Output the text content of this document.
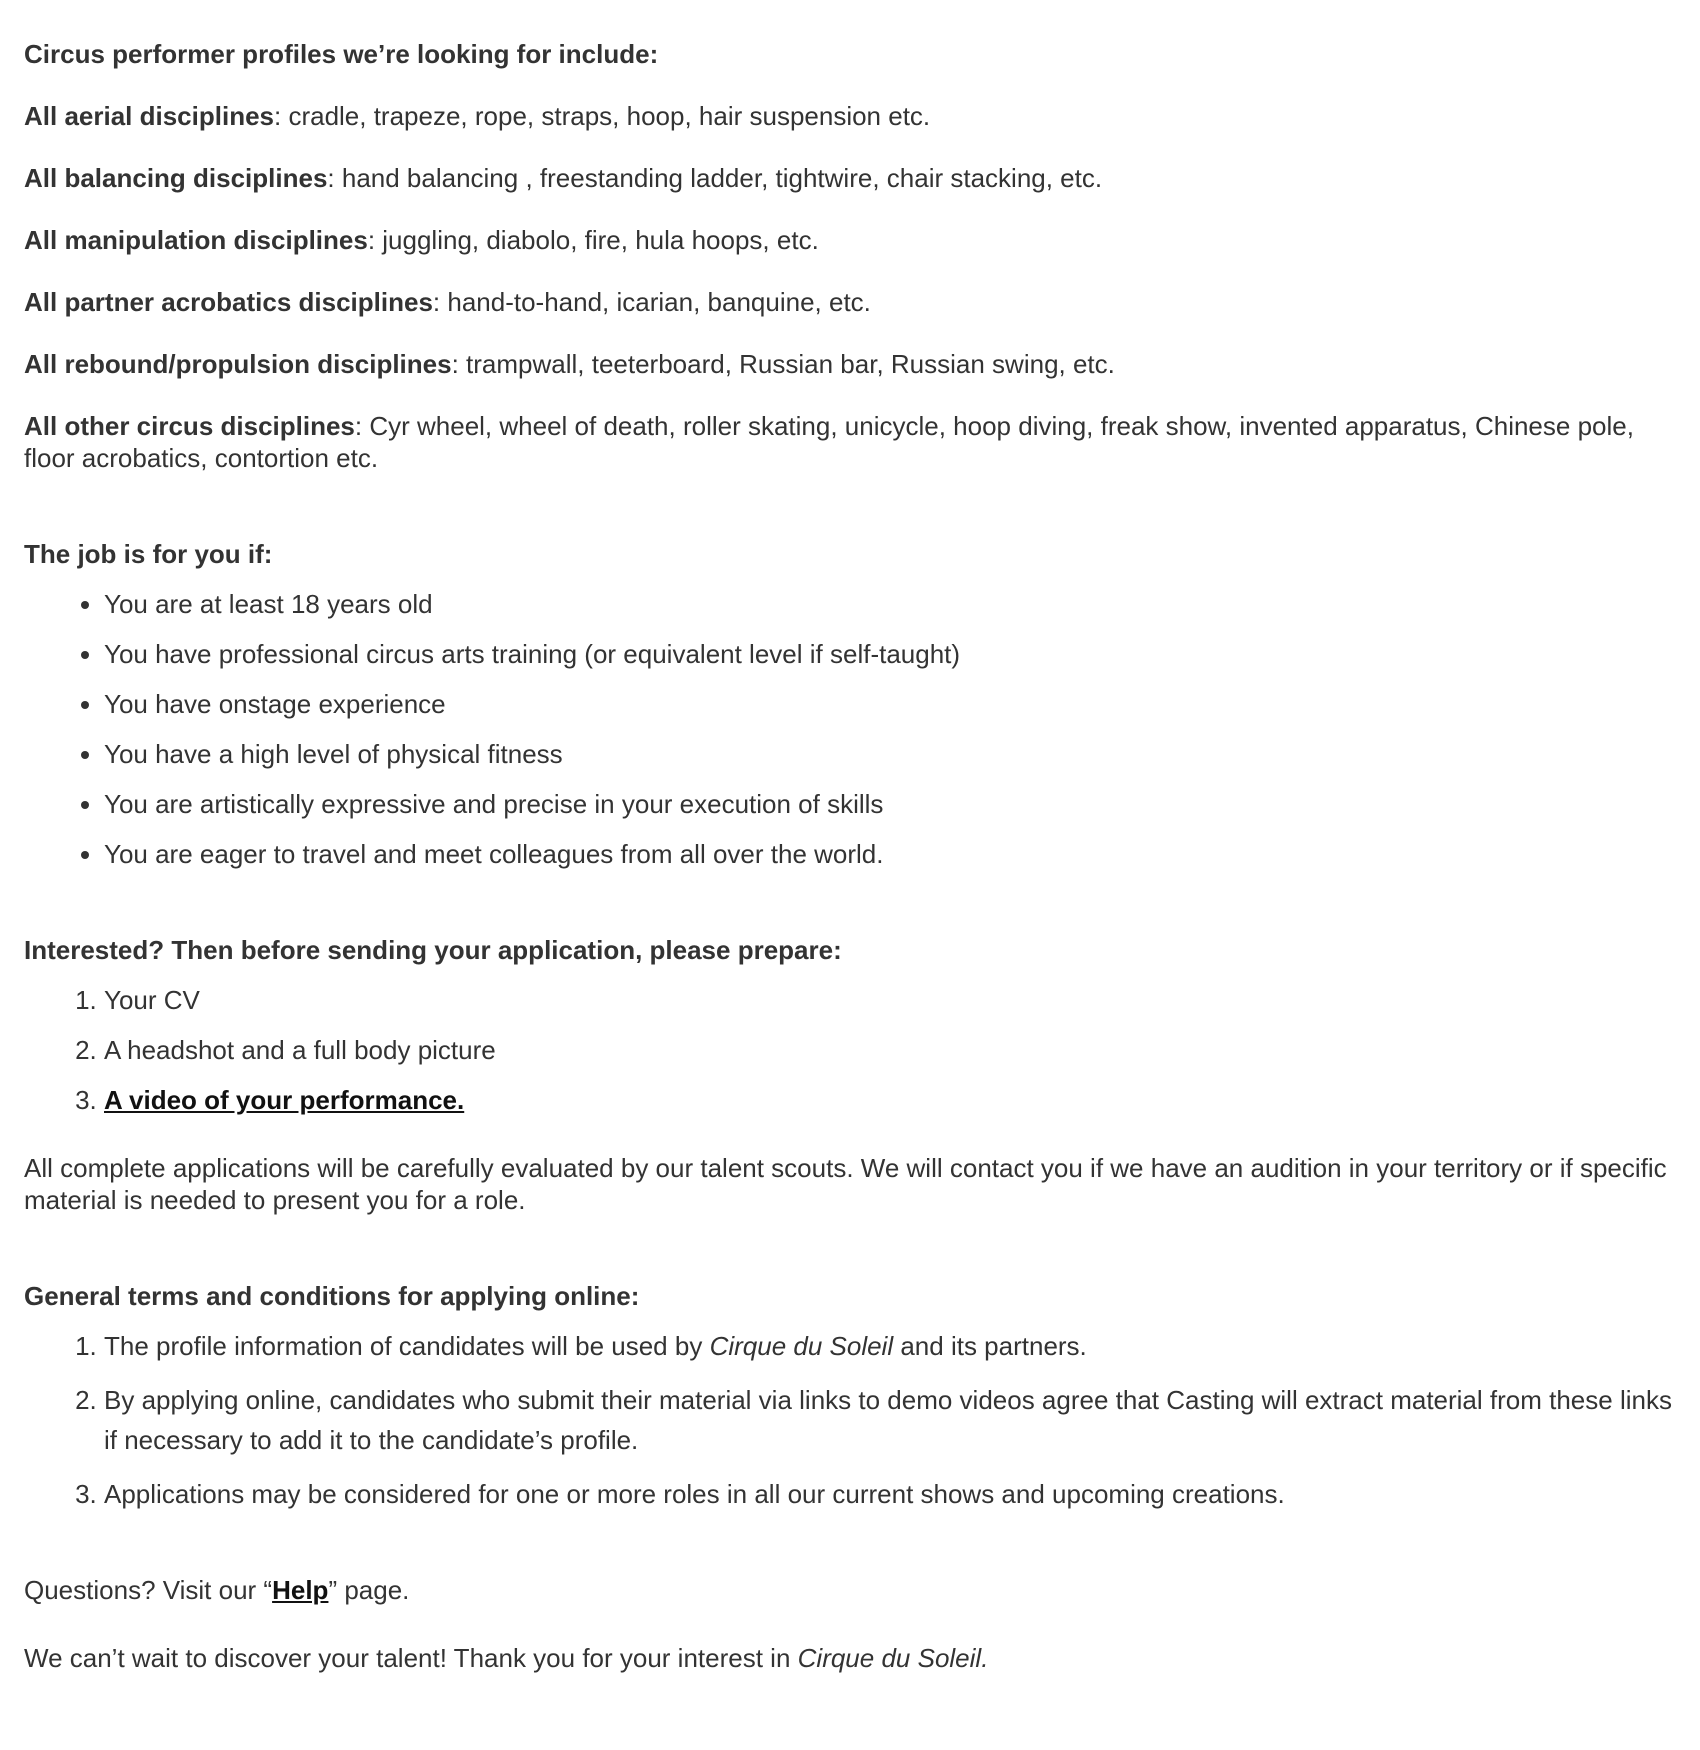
Circus performer profiles we’re looking for include:

All aerial disciplines: cradle, trapeze, rope, straps, hoop, hair suspension etc.

All balancing disciplines: hand balancing , freestanding ladder, tightwire, chair stacking, etc.

All manipulation disciplines: juggling, diabolo, fire, hula hoops, etc.

All partner acrobatics disciplines: hand-to-hand, icarian, banquine, etc.

All rebound/propulsion disciplines: trampwall, teeterboard, Russian bar, Russian swing, etc.

All other circus disciplines: Cyr wheel, wheel of death, roller skating, unicycle, hoop diving, freak show, invented apparatus, Chinese pole, floor acrobatics, contortion etc.

The job is for you if:

• You are at least 18 years old
• You have professional circus arts training (or equivalent level if self-taught)
• You have onstage experience
• You have a high level of physical fitness
• You are artistically expressive and precise in your execution of skills
• You are eager to travel and meet colleagues from all over the world.

Interested? Then before sending your application, please prepare:

1. Your CV
2. A headshot and a full body picture
3. A video of your performance.

All complete applications will be carefully evaluated by our talent scouts. We will contact you if we have an audition in your territory or if specific material is needed to present you for a role.

General terms and conditions for applying online:

1. The profile information of candidates will be used by Cirque du Soleil and its partners.
2. By applying online, candidates who submit their material via links to demo videos agree that Casting will extract material from these links if necessary to add it to the candidate’s profile.
3. Applications may be considered for one or more roles in all our current shows and upcoming creations.

Questions? Visit our “Help” page.

We can’t wait to discover your talent! Thank you for your interest in Cirque du Soleil.
